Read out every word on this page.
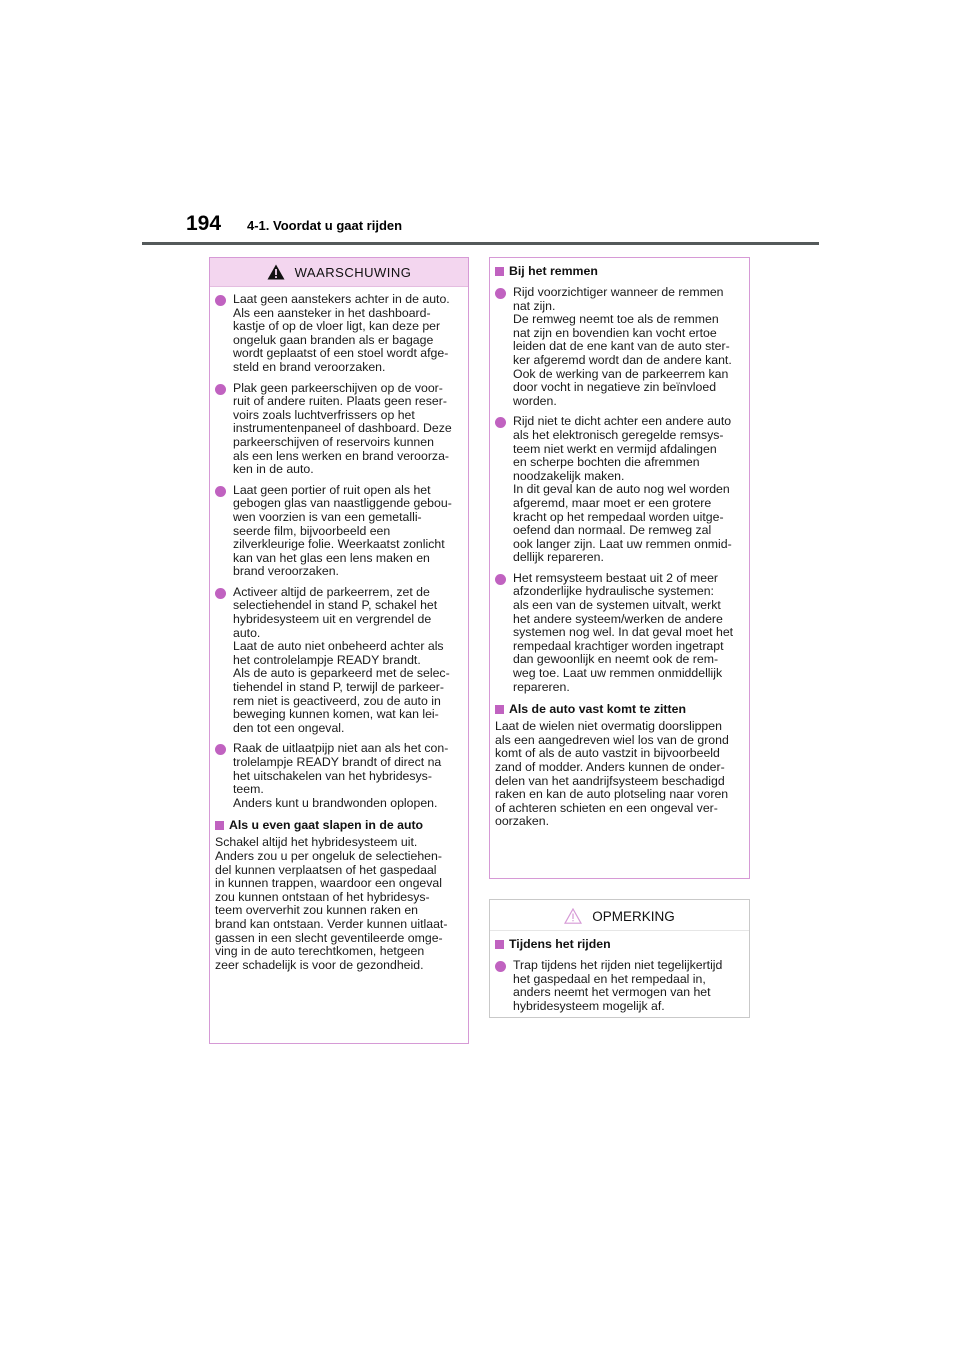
194 4-1. Voordat u gaat rijden
WAARSCHUWING
Laat geen aanstekers achter in de auto.
Als een aansteker in het dashboard-
kastje of op de vloer ligt, kan deze per
ongeluk gaan branden als er bagage
wordt geplaatst of een stoel wordt afge-
steld en brand veroorzaken.
Plak geen parkeerschijven op de voor-
ruit of andere ruiten. Plaats geen reser-
voirs zoals luchtverfrissers op het
instrumentenpaneel of dashboard. Deze
parkeerschijven of reservoirs kunnen
als een lens werken en brand veroorza-
ken in de auto.
Laat geen portier of ruit open als het
gebogen glas van naastliggende gebou-
wen voorzien is van een gemetalli-
seerde film, bijvoorbeeld een
zilverkleurige folie. Weerkaatst zonlicht
kan van het glas een lens maken en
brand veroorzaken.
Activeer altijd de parkeerrem, zet de
selectiehendel in stand P, schakel het
hybridesysteem uit en vergrendel de
auto.
Laat de auto niet onbeheerd achter als
het controlelampje READY brandt.
Als de auto is geparkeerd met de selec-
tiehendel in stand P, terwijl de parkeer-
rem niet is geactiveerd, zou de auto in
beweging kunnen komen, wat kan lei-
den tot een ongeval.
Raak de uitlaatpijp niet aan als het con-
trolelampje READY brandt of direct na
het uitschakelen van het hybridesys-
teem.
Anders kunt u brandwonden oplopen.
Als u even gaat slapen in de auto
Schakel altijd het hybridesysteem uit.
Anders zou u per ongeluk de selectiehen-
del kunnen verplaatsen of het gaspedaal
in kunnen trappen, waardoor een ongeval
zou kunnen ontstaan of het hybridesys-
teem oververhit zou kunnen raken en
brand kan ontstaan. Verder kunnen uitlaat-
gassen in een slecht geventileerde omge-
ving in de auto terechtkomen, hetgeen
zeer schadelijk is voor de gezondheid.
Bij het remmen
Rijd voorzichtiger wanneer de remmen
nat zijn.
De remweg neemt toe als de remmen
nat zijn en bovendien kan vocht ertoe
leiden dat de ene kant van de auto ster-
ker afgeremd wordt dan de andere kant.
Ook de werking van de parkeerrem kan
door vocht in negatieve zin beïnvloed
worden.
Rijd niet te dicht achter een andere auto
als het elektronisch geregelde remsys-
teem niet werkt en vermijd afdalingen
en scherpe bochten die afremmen
noodzakelijk maken.
In dit geval kan de auto nog wel worden
afgeremd, maar moet er een grotere
kracht op het rempedaal worden uitge-
oefend dan normaal. De remweg zal
ook langer zijn. Laat uw remmen onmid-
dellijk repareren.
Het remsysteem bestaat uit 2 of meer
afzonderlijke hydraulische systemen:
als een van de systemen uitvalt, werkt
het andere systeem/werken de andere
systemen nog wel. In dat geval moet het
rempedaal krachtiger worden ingetrapt
dan gewoonlijk en neemt ook de rem-
weg toe. Laat uw remmen onmiddellijk
repareren.
Als de auto vast komt te zitten
Laat de wielen niet overmatig doorslippen
als een aangedreven wiel los van de grond
komt of als de auto vastzit in bijvoorbeeld
zand of modder. Anders kunnen de onder-
delen van het aandrijfsysteem beschadigd
raken en kan de auto plotseling naar voren
of achteren schieten en een ongeval ver-
oorzaken.
OPMERKING
Tijdens het rijden
Trap tijdens het rijden niet tegelijkertijd
het gaspedaal en het rempedaal in,
anders neemt het vermogen van het
hybridesysteem mogelijk af.
